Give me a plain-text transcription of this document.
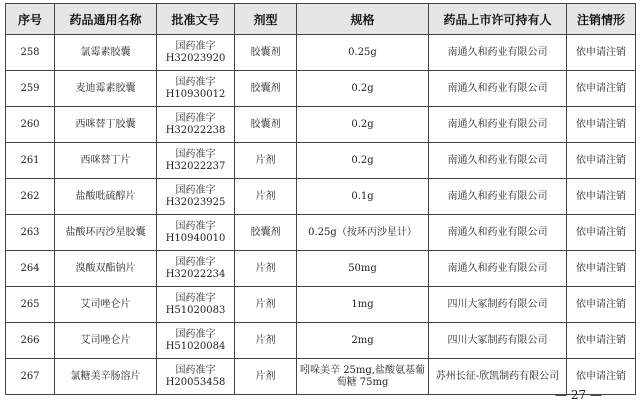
序号	药品通用名称	批准文号	剂型	规格	药品上市许可持有人	注销情形
258	氯霉素胶囊	国药准字
H32023920	胶囊剂	0.25g	南通久和药业有限公司	依申请注销
259	麦迪霉素胶囊	国药准字
H10930012	胶囊剂	0.2g	南通久和药业有限公司	依申请注销
260	西咪替丁胶囊	国药准字
H32022238	胶囊剂	0.2g	南通久和药业有限公司	依申请注销
261	西咪替丁片	国药准字
H32022237	片剂	0.2g	南通久和药业有限公司	依申请注销
262	盐酸吡硫醇片	国药准字
H32023925	片剂	0.1g	南通久和药业有限公司	依申请注销
263	盐酸环丙沙星胶囊	国药准字
H10940010	胶囊剂	0.25g（按环丙沙星计）	南通久和药业有限公司	依申请注销
264	溴酸双酯钠片	国药准字
H32022234	片剂	50mg	南通久和药业有限公司	依申请注销
265	艾司唑仑片	国药准字
H51020083	片剂	1mg	四川大冢制药有限公司	依申请注销
266	艾司唑仑片	国药准字
H51020084	片剂	2mg	四川大冢制药有限公司	依申请注销
267	氯糖美辛肠溶片	国药准字
H20053458	片剂	吲哚美辛 25mg,盐酸氨基葡萄糖 75mg	苏州长征-欣凯制药有限公司	依申请注销
— 27 —
